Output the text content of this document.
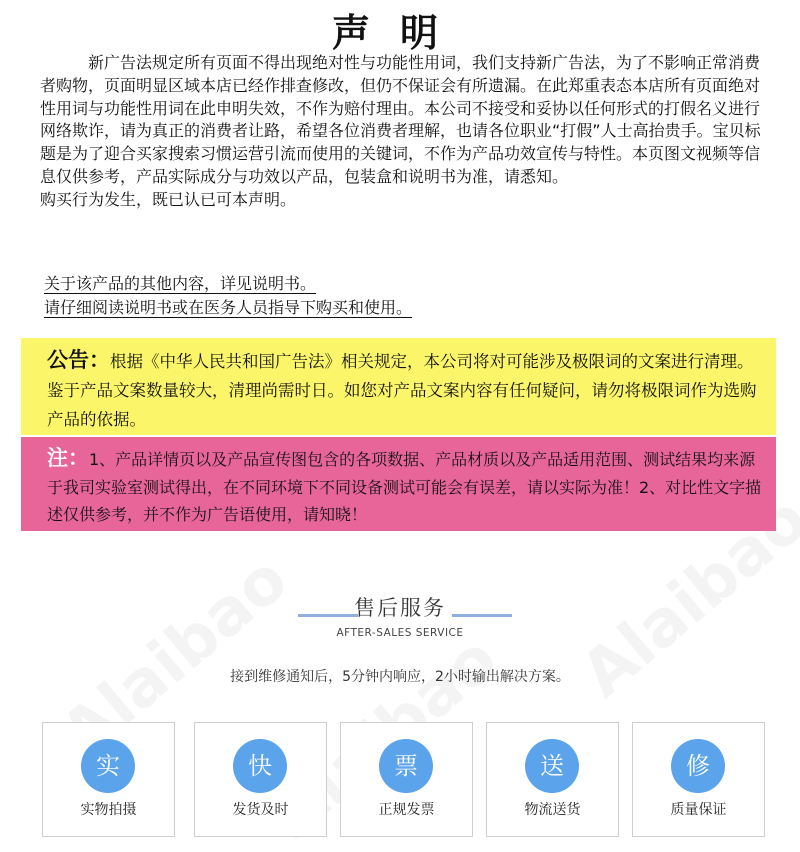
声明

新广告法规定所有页面不得出现绝对性与功能性用词，我们支持新广告法，为了不影响正常消费者购物，页面明显区域本店已经作排查修改，但仍不保证会有所遗漏。在此郑重表态本店所有页面绝对性用词与功能性用词在此申明失效，不作为赔付理由。本公司不接受和妥协以任何形式的打假名义进行网络欺诈，请为真正的消费者让路，希望各位消费者理解，也请各位职业“打假”人士高抬贵手。宝贝标题是为了迎合买家搜索习惯运营引流而使用的关键词，不作为产品功效宣传与特性。本页图文视频等信息仅供参考，产品实际成分与功效以产品，包装盒和说明书为准，请悉知。

购买行为发生，既已认已可本声明。

关于该产品的其他内容，详见说明书。
请仔细阅读说明书或在医务人员指导下购买和使用。
公告：根据《中华人民共和国广告法》相关规定，本公司将对可能涉及极限词的文案进行清理。鉴于产品文案数量较大，清理尚需时日。如您对产品文案内容有任何疑问，请勿将极限词作为选购产品的依据。
注：1、产品详情页以及产品宣传图包含的各项数据、产品材质以及产品适用范围、测试结果均来源于我司实验室测试得出，在不同环境下不同设备测试可能会有误差，请以实际为准！2、对比性文字描述仅供参考，并不作为广告语使用，请知晓！
售后服务
AFTER-SALES SERVICE
接到维修通知后，5分钟内响应，2小时输出解决方案。
实
实物拍摄
快
发货及时
票
正规发票
送
物流送货
修
质量保证
